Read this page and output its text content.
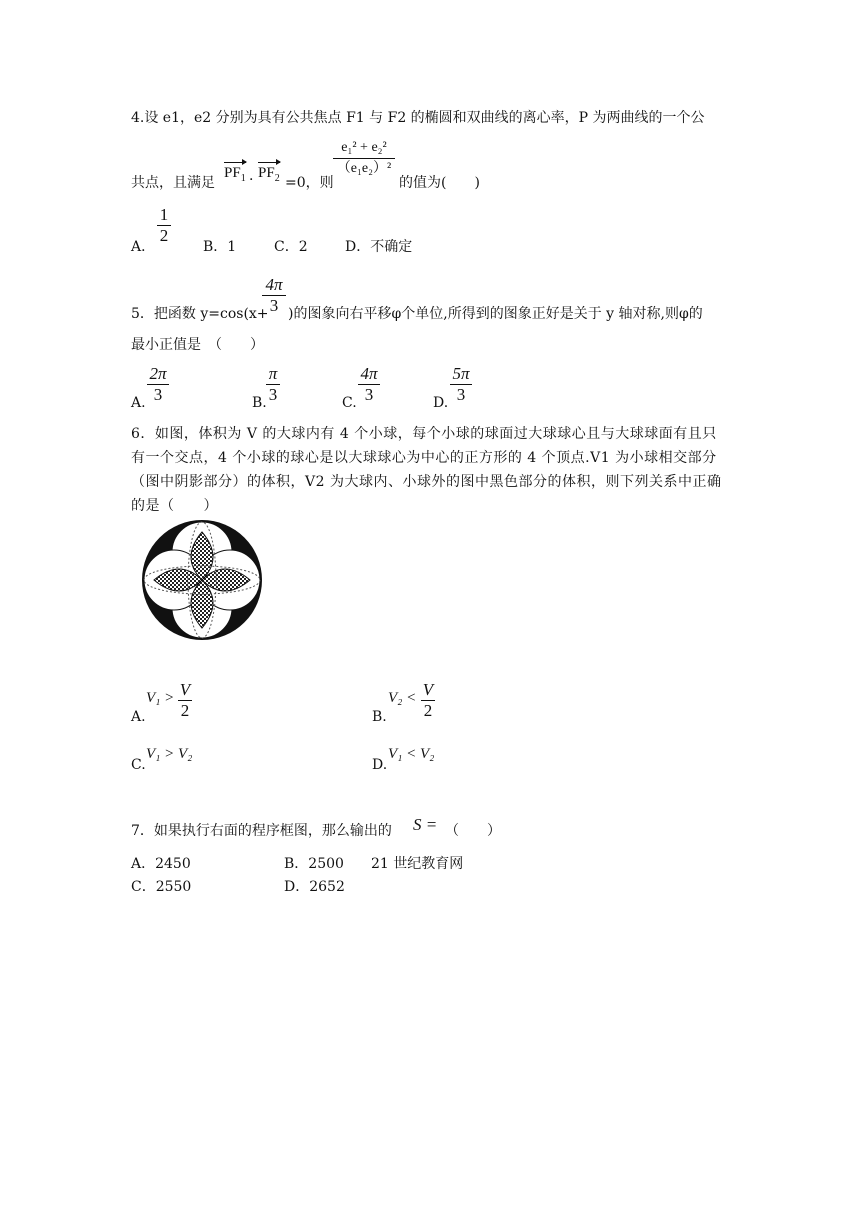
4.设 e1，e2 分别为具有公共焦点 F1 与 F2 的椭圆和双曲线的离心率，P 为两曲线的一个公
共点，且满足
$PF_1 \cdot PF_2 =0$，则
e₁² + e₂²
（e₁e₂）²
的值为(　　)
A．
1
2
B．1	C．2	D．不确定
5．把函数 y=cos(x+
4π
3 )的图象向右平移φ个单位,所得到的图象正好是关于 y 轴对称,则φ的
最小正值是　（　　）
A.
2π
3	B.
π
3	C.
4π
3	D.
5π
3
6．如图，体积为 V 的大球内有 4 个小球，每个小球的球面过大球球心且与大球球面有且只有一个交点，4 个小球的球心是以大球球心为中心的正方形的 4 个顶点.V1 为小球相交部分（图中阴影部分）的体积，V2 为大球内、小球外的图中黑色部分的体积，则下列关系中正确的是（　　）
A.
V₁ > V
2	B.
V₂ < V
2
C.
V₁ > V₂
D.
V₁ < V₂
7．如果执行右面的程序框图，那么输出的 S = （　　）
A．2450	B．2500 21 世纪教育网
C．2550	D．2652
